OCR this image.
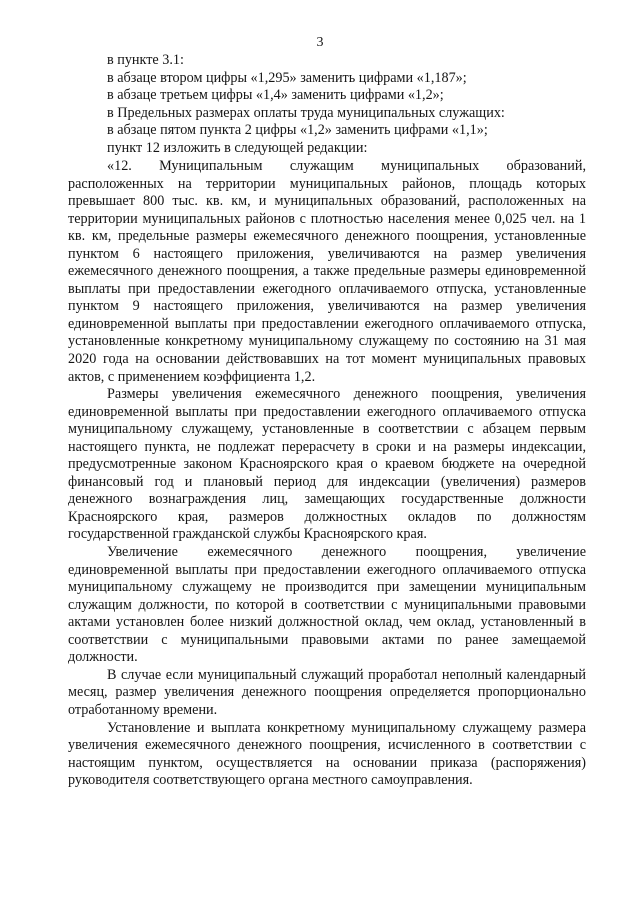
3
в пункте 3.1:
в абзаце втором цифры «1,295» заменить цифрами «1,187»;
в абзаце третьем цифры «1,4» заменить цифрами «1,2»;
в Предельных размерах оплаты труда муниципальных служащих:
в абзаце пятом пункта 2 цифры «1,2» заменить цифрами «1,1»;
пункт 12 изложить в следующей редакции:

«12. Муниципальным служащим муниципальных образований, расположенных на территории муниципальных районов, площадь которых превышает 800 тыс. кв. км, и муниципальных образований, расположенных на территории муниципальных районов с плотностью населения менее 0,025 чел. на 1 кв. км, предельные размеры ежемесячного денежного поощрения, установленные пунктом 6 настоящего приложения, увеличиваются на размер увеличения ежемесячного денежного поощрения, а также предельные размеры единовременной выплаты при предоставлении ежегодного оплачиваемого отпуска, установленные пунктом 9 настоящего приложения, увеличиваются на размер увеличения единовременной выплаты при предоставлении ежегодного оплачиваемого отпуска, установленные конкретному муниципальному служащему по состоянию на 31 мая 2020 года на основании действовавших на тот момент муниципальных правовых актов, с применением коэффициента 1,2.

Размеры увеличения ежемесячного денежного поощрения, увеличения единовременной выплаты при предоставлении ежегодного оплачиваемого отпуска муниципальному служащему, установленные в соответствии с абзацем первым настоящего пункта, не подлежат перерасчету в сроки и на размеры индексации, предусмотренные законом Красноярского края о краевом бюджете на очередной финансовый год и плановый период для индексации (увеличения) размеров денежного вознаграждения лиц, замещающих государственные должности Красноярского края, размеров должностных окладов по должностям государственной гражданской службы Красноярского края.

Увеличение ежемесячного денежного поощрения, увеличение единовременной выплаты при предоставлении ежегодного оплачиваемого отпуска муниципальному служащему не производится при замещении муниципальным служащим должности, по которой в соответствии с муниципальными правовыми актами установлен более низкий должностной оклад, чем оклад, установленный в соответствии с муниципальными правовыми актами по ранее замещаемой должности.

В случае если муниципальный служащий проработал неполный календарный месяц, размер увеличения денежного поощрения определяется пропорционально отработанному времени.

Установление и выплата конкретному муниципальному служащему размера увеличения ежемесячного денежного поощрения, исчисленного в соответствии с настоящим пунктом, осуществляется на основании приказа (распоряжения) руководителя соответствующего органа местного самоуправления.
